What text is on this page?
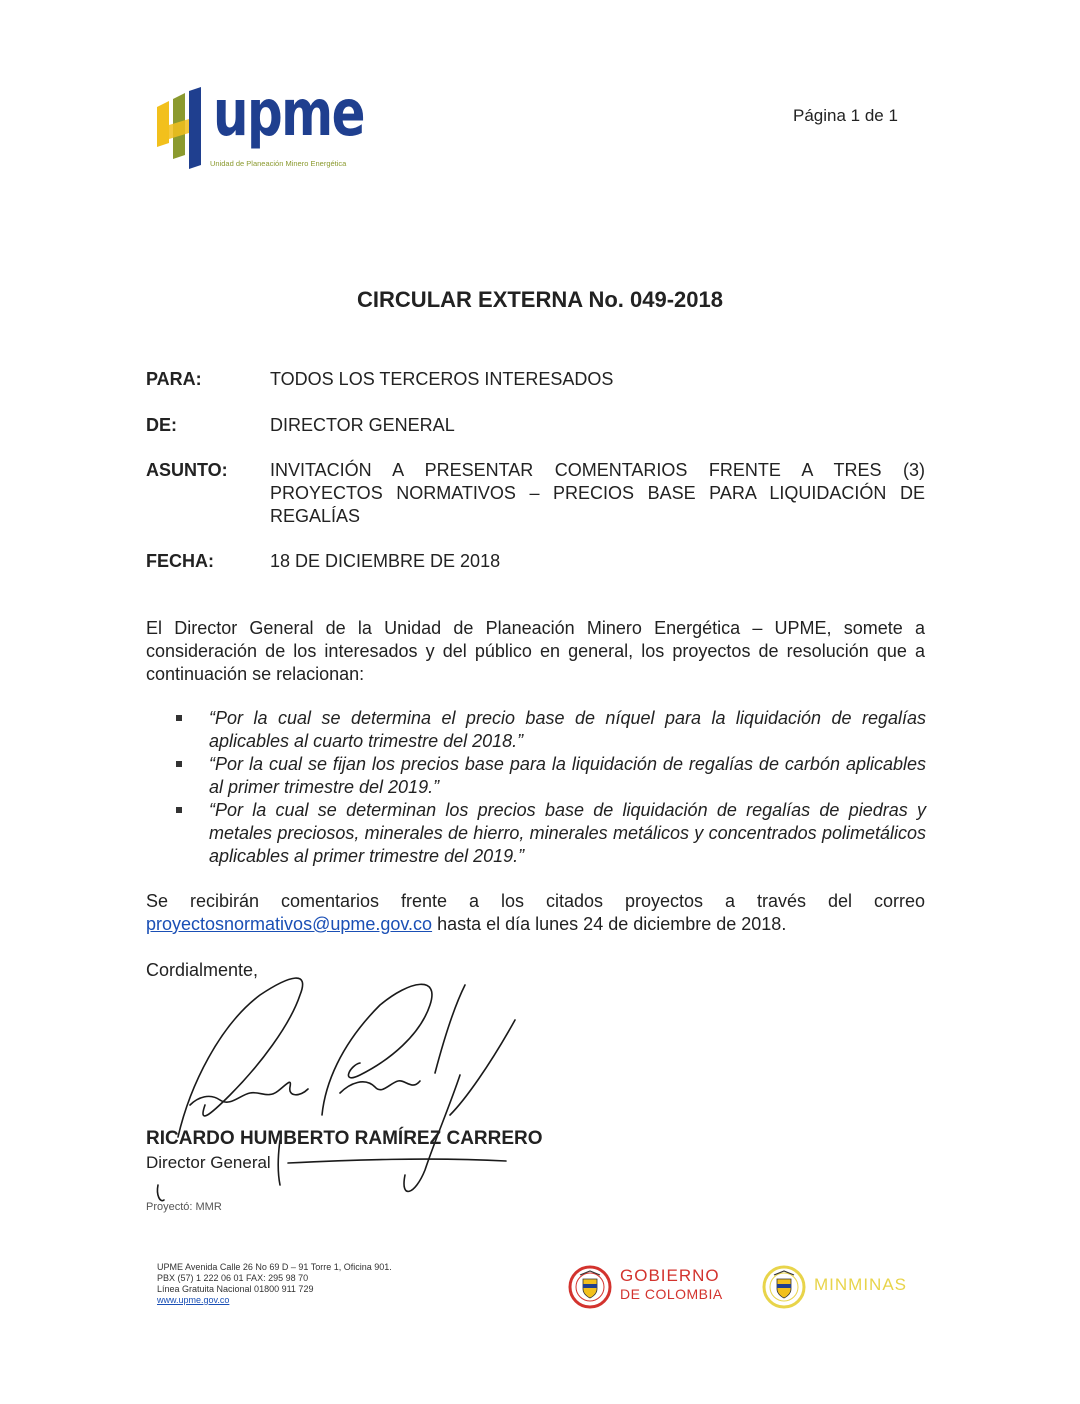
upme
Unidad de Planeación Minero Energética
Página 1 de 1
CIRCULAR EXTERNA No. 049-2018
PARA:	TODOS LOS TERCEROS INTERESADOS
DE:	DIRECTOR GENERAL
ASUNTO: INVITACIÓN A PRESENTAR COMENTARIOS FRENTE A TRES (3) PROYECTOS NORMATIVOS – PRECIOS BASE PARA LIQUIDACIÓN DE
REGALÍAS
FECHA:	18 DE DICIEMBRE DE 2018
El Director General de la Unidad de Planeación Minero Energética – UPME, somete a consideración de los interesados y del público en general, los proyectos de resolución que a continuación se relacionan:
“Por la cual se determina el precio base de níquel para la liquidación de regalías aplicables al cuarto trimestre del 2018.”
“Por la cual se fijan los precios base para la liquidación de regalías de carbón aplicables al primer trimestre del 2019.”
“Por la cual se determinan los precios base de liquidación de regalías de piedras y metales preciosos, minerales de hierro, minerales metálicos y concentrados polimetálicos aplicables al primer trimestre del 2019.”
Se recibirán comentarios frente a los citados proyectos a través del correo proyectosnormativos@upme.gov.co hasta el día lunes 24 de diciembre de 2018.
Cordialmente,
RICARDO HUMBERTO RAMÍREZ CARRERO
Director General
Proyectó: MMR
UPME Avenida Calle 26 No 69 D – 91 Torre 1, Oficina 901.
PBX (57) 1 222 06 01 FAX: 295 98 70
Línea Gratuita Nacional 01800 911 729
www.upme.gov.co
GOBIERNO
DE COLOMBIA	MINMINAS
